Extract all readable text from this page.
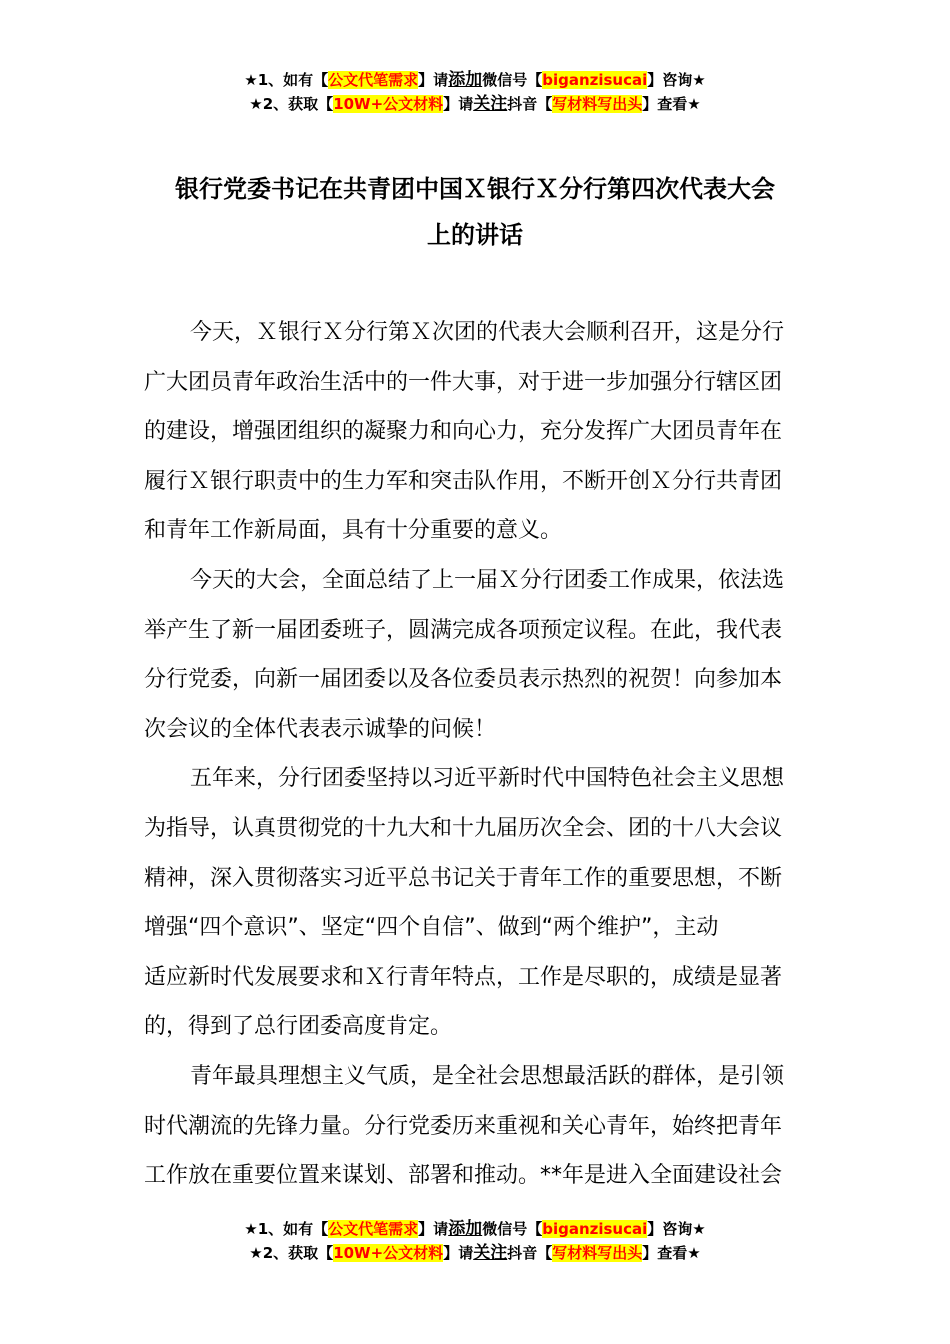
★1、如有【公文代笔需求】请添加微信号【biganzisucai】咨询★
★2、获取【10W+公文材料】请关注抖音【写材料写出头】查看★
银行党委书记在共青团中国Ｘ银行Ｘ分行第四次代表大会
上的讲话
今天，Ｘ银行Ｘ分行第Ｘ次团的代表大会顺利召开，这是分行
广大团员青年政治生活中的一件大事，对于进一步加强分行辖区团
的建设，增强团组织的凝聚力和向心力，充分发挥广大团员青年在
履行Ｘ银行职责中的生力军和突击队作用，不断开创Ｘ分行共青团
和青年工作新局面，具有十分重要的意义。
今天的大会，全面总结了上一届Ｘ分行团委工作成果，依法选
举产生了新一届团委班子，圆满完成各项预定议程。在此，我代表
分行党委，向新一届团委以及各位委员表示热烈的祝贺！向参加本
次会议的全体代表表示诚挚的问候！
五年来，分行团委坚持以习近平新时代中国特色社会主义思想
为指导，认真贯彻党的十九大和十九届历次全会、团的十八大会议
精神，深入贯彻落实习近平总书记关于青年工作的重要思想，不断
增强“四个意识”、坚定“四个自信”、做到“两个维护”，主动
适应新时代发展要求和Ｘ行青年特点，工作是尽职的，成绩是显著
的，得到了总行团委高度肯定。
青年最具理想主义气质，是全社会思想最活跃的群体，是引领
时代潮流的先锋力量。分行党委历来重视和关心青年，始终把青年
工作放在重要位置来谋划、部署和推动。**年是进入全面建设社会
★1、如有【公文代笔需求】请添加微信号【biganzisucai】咨询★
★2、获取【10W+公文材料】请关注抖音【写材料写出头】查看★
